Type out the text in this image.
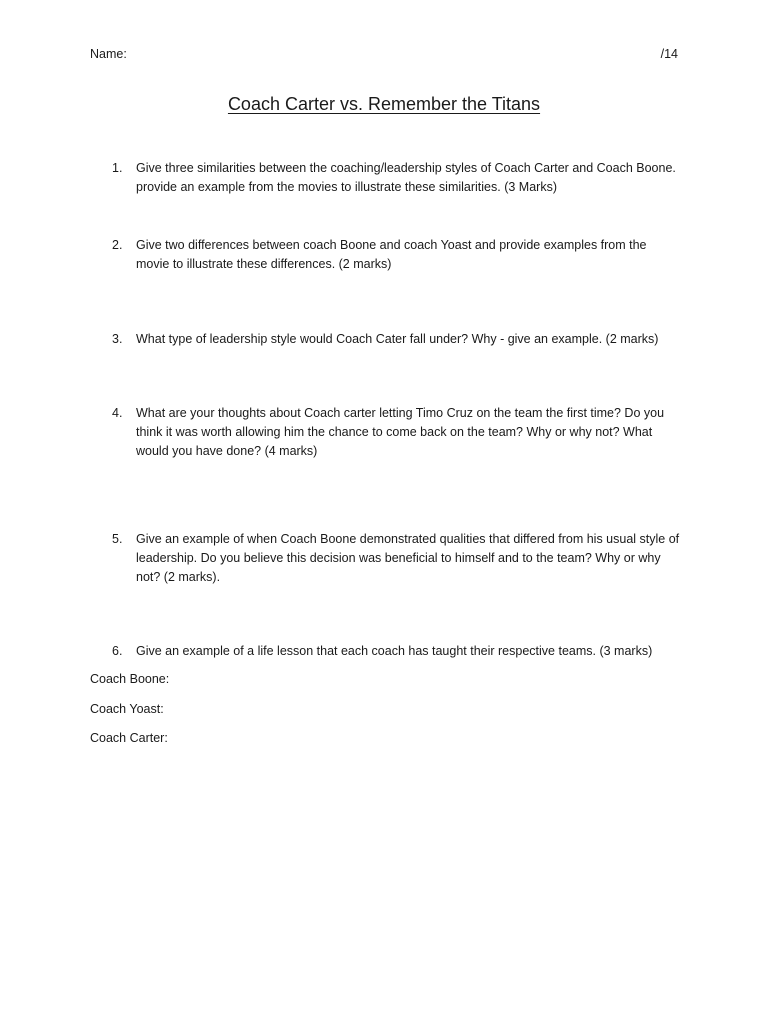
Name:	/14
Coach Carter vs. Remember the Titans
1. Give three similarities between the coaching/leadership styles of Coach Carter and Coach Boone. provide an example from the movies to illustrate these similarities. (3 Marks)
2. Give two differences between coach Boone and coach Yoast and provide examples from the movie to illustrate these differences. (2 marks)
3. What type of leadership style would Coach Cater fall under? Why - give an example. (2 marks)
4. What are your thoughts about Coach carter letting Timo Cruz on the team the first time? Do you think it was worth allowing him the chance to come back on the team? Why or why not? What would you have done? (4 marks)
5. Give an example of when Coach Boone demonstrated qualities that differed from his usual style of leadership. Do you believe this decision was beneficial to himself and to the team? Why or why not? (2 marks).
6. Give an example of a life lesson that each coach has taught their respective teams. (3 marks)
Coach Boone:
Coach Yoast:
Coach Carter:
